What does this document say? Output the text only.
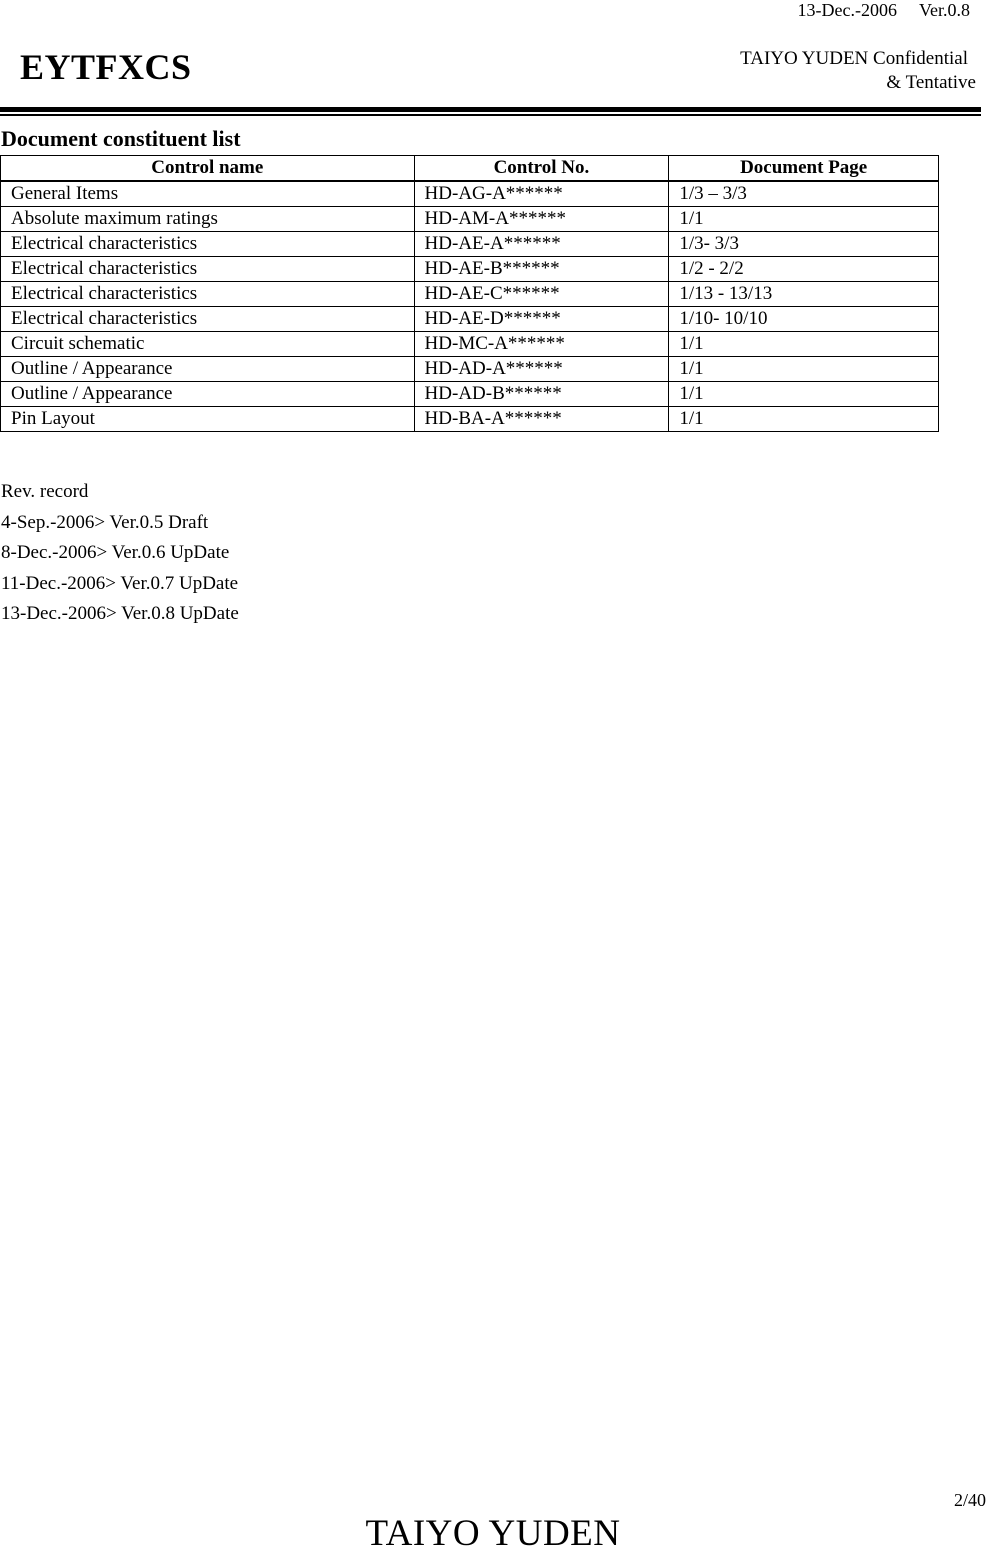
13-Dec.-2006 Ver.0.8
EYTFXCS	TAIYO YUDEN Confidential
& Tentative
Document constituent list
Control name	Control No.	Document Page
General Items	HD-AG-A******	1/3 – 3/3
Absolute maximum ratings	HD-AM-A******	1/1
Electrical characteristics	HD-AE-A******	1/3- 3/3
Electrical characteristics	HD-AE-B******	1/2 - 2/2
Electrical characteristics	HD-AE-C******	1/13 - 13/13
Electrical characteristics	HD-AE-D******	1/10- 10/10
Circuit schematic	HD-MC-A******	1/1
Outline / Appearance	HD-AD-A******	1/1
Outline / Appearance	HD-AD-B******	1/1
Pin Layout	HD-BA-A******	1/1
Rev. record
4-Sep.-2006> Ver.0.5 Draft
8-Dec.-2006> Ver.0.6 UpDate
11-Dec.-2006> Ver.0.7 UpDate
13-Dec.-2006> Ver.0.8 UpDate
2/40
TAIYO YUDEN
